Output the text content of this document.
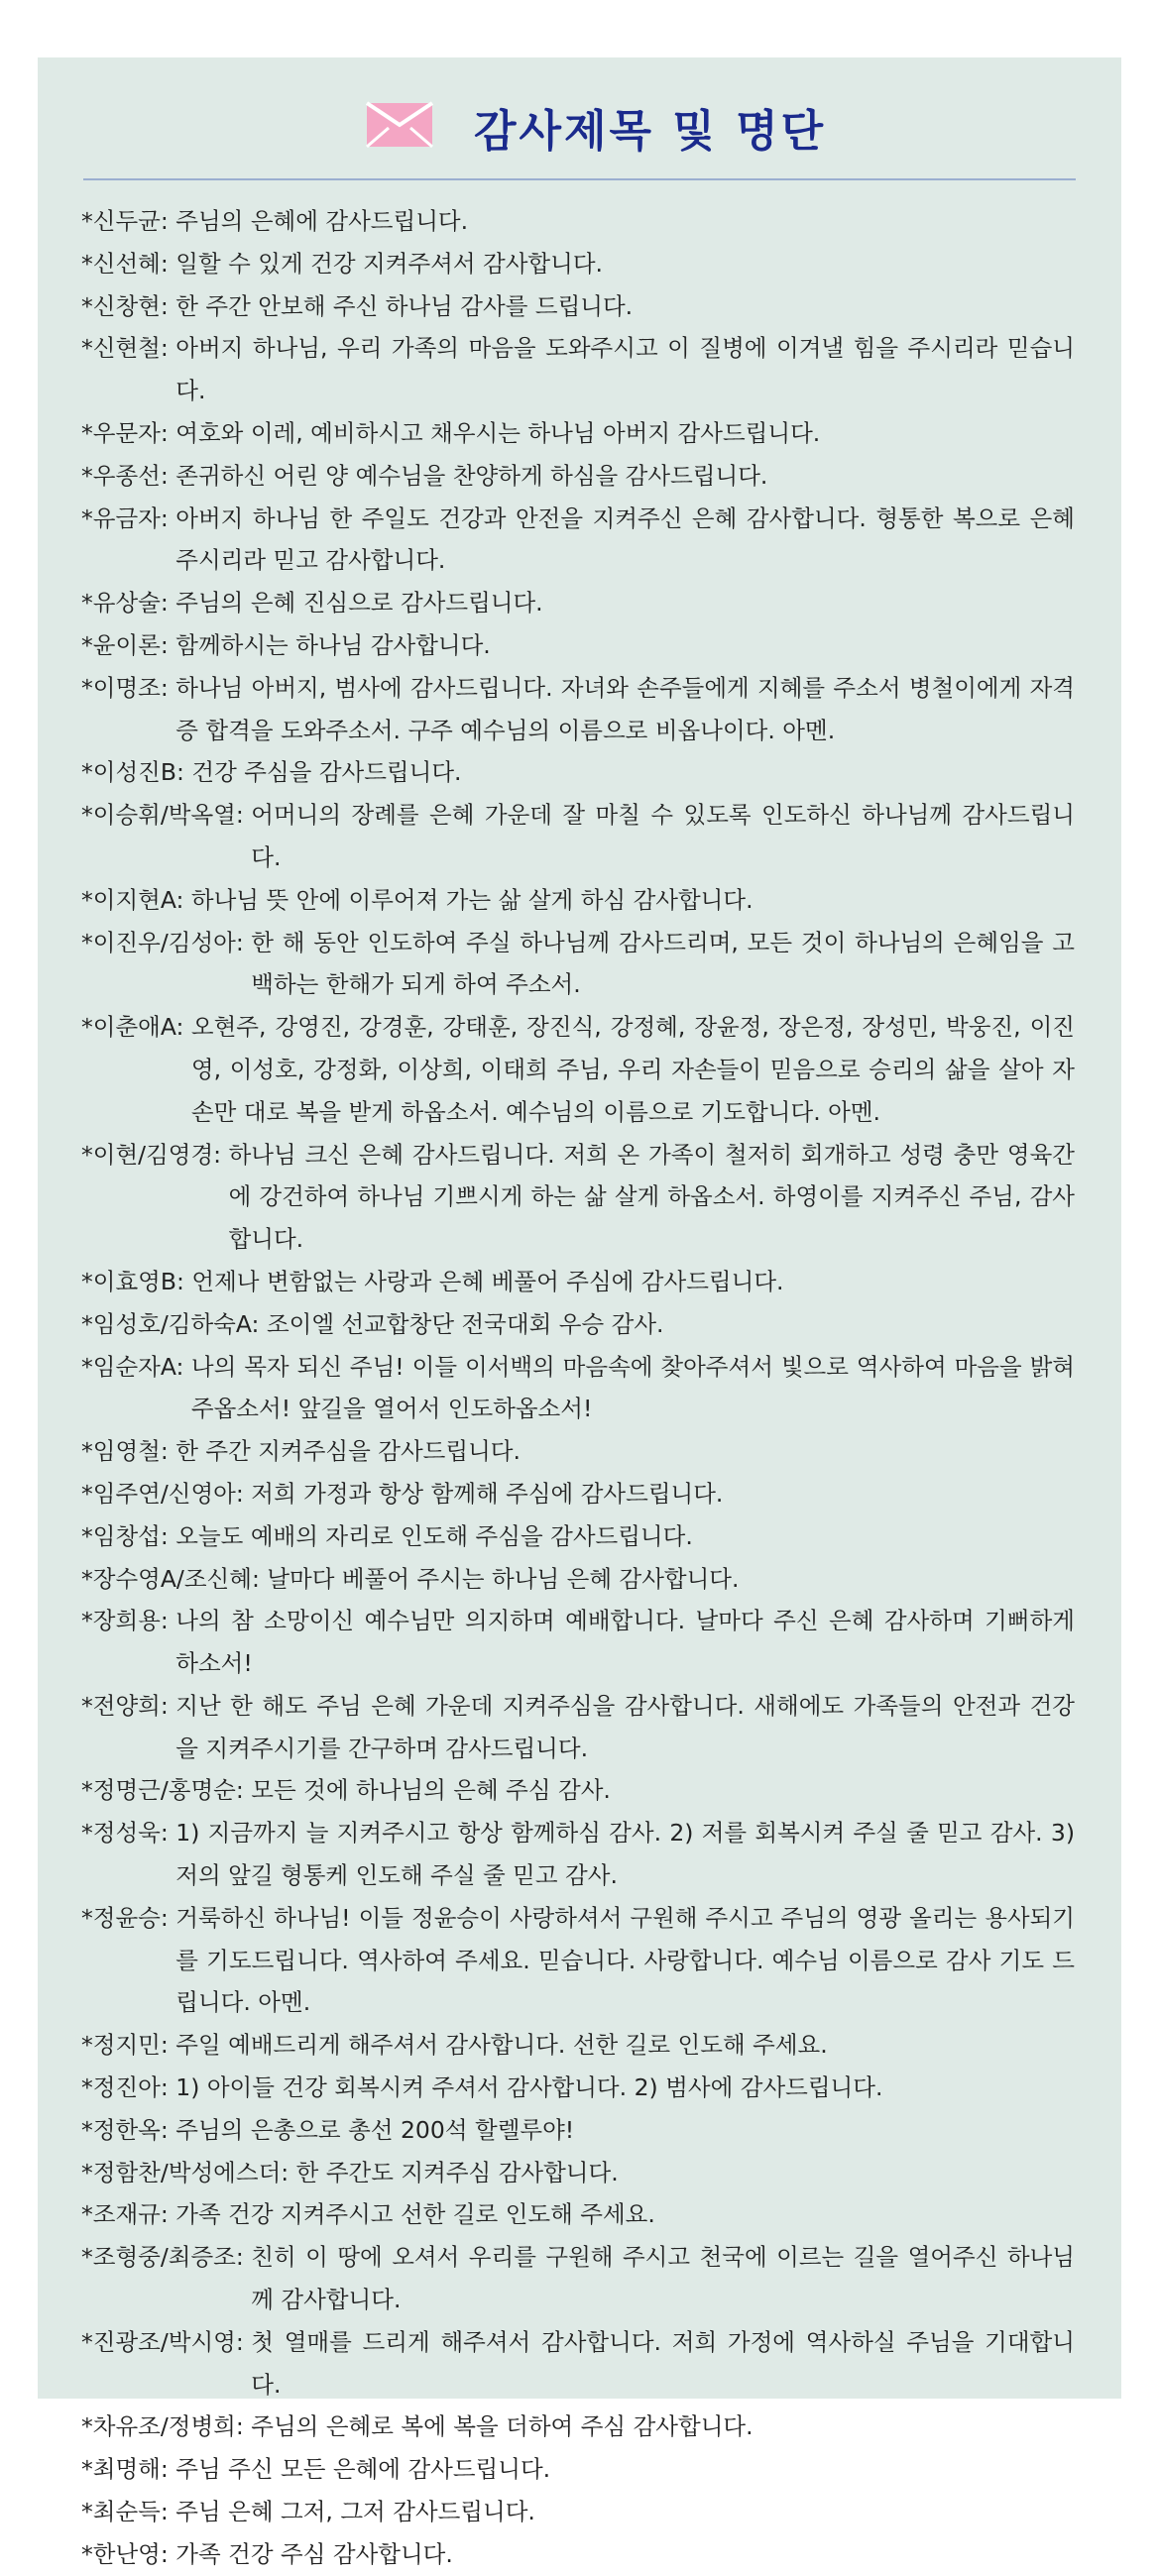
감사제목 및 명단
*신두균: 주님의 은혜에 감사드립니다.
*신선혜: 일할 수 있게 건강 지켜주셔서 감사합니다.
*신창현: 한 주간 안보해 주신 하나님 감사를 드립니다.
*신현철: 아버지 하나님, 우리 가족의 마음을 도와주시고 이 질병에 이겨낼 힘을 주시리라 믿습니다.
*우문자: 여호와 이레, 예비하시고 채우시는 하나님 아버지 감사드립니다.
*우종선: 존귀하신 어린 양 예수님을 찬양하게 하심을 감사드립니다.
*유금자: 아버지 하나님 한 주일도 건강과 안전을 지켜주신 은혜 감사합니다. 형통한 복으로 은혜 주시리라 믿고 감사합니다.
*유상술: 주님의 은혜 진심으로 감사드립니다.
*윤이론: 함께하시는 하나님 감사합니다.
*이명조: 하나님 아버지, 범사에 감사드립니다. 자녀와 손주들에게 지혜를 주소서 병철이에게 자격증 합격을 도와주소서. 구주 예수님의 이름으로 비옵나이다. 아멘.
*이성진B: 건강 주심을 감사드립니다.
*이승휘/박옥열: 어머니의 장례를 은혜 가운데 잘 마칠 수 있도록 인도하신 하나님께 감사드립니다.
*이지현A: 하나님 뜻 안에 이루어져 가는 삶 살게 하심 감사합니다.
*이진우/김성아: 한 해 동안 인도하여 주실 하나님께 감사드리며, 모든 것이 하나님의 은혜임을 고백하는 한해가 되게 하여 주소서.
*이춘애A: 오현주, 강영진, 강경훈, 강태훈, 장진식, 강정혜, 장윤정, 장은정, 장성민, 박웅진, 이진영, 이성호, 강정화, 이상희, 이태희 주님, 우리 자손들이 믿음으로 승리의 삶을 살아 자손만 대로 복을 받게 하옵소서. 예수님의 이름으로 기도합니다. 아멘.
*이현/김영경: 하나님 크신 은혜 감사드립니다. 저희 온 가족이 철저히 회개하고 성령 충만 영육간에 강건하여 하나님 기쁘시게 하는 삶 살게 하옵소서. 하영이를 지켜주신 주님, 감사합니다.
*이효영B: 언제나 변함없는 사랑과 은혜 베풀어 주심에 감사드립니다.
*임성호/김하숙A: 조이엘 선교합창단 전국대회 우승 감사.
*임순자A: 나의 목자 되신 주님! 이들 이서백의 마음속에 찾아주셔서 빛으로 역사하여 마음을 밝혀 주옵소서! 앞길을 열어서 인도하옵소서!
*임영철: 한 주간 지켜주심을 감사드립니다.
*임주연/신영아: 저희 가정과 항상 함께해 주심에 감사드립니다.
*임창섭: 오늘도 예배의 자리로 인도해 주심을 감사드립니다.
*장수영A/조신혜: 날마다 베풀어 주시는 하나님 은혜 감사합니다.
*장희용: 나의 참 소망이신 예수님만 의지하며 예배합니다. 날마다 주신 은혜 감사하며 기뻐하게 하소서!
*전양희: 지난 한 해도 주님 은혜 가운데 지켜주심을 감사합니다. 새해에도 가족들의 안전과 건강을 지켜주시기를 간구하며 감사드립니다.
*정명근/홍명순: 모든 것에 하나님의 은혜 주심 감사.
*정성욱: 1) 지금까지 늘 지켜주시고 항상 함께하심 감사. 2) 저를 회복시켜 주실 줄 믿고 감사. 3) 저의 앞길 형통케 인도해 주실 줄 믿고 감사.
*정윤승: 거룩하신 하나님! 이들 정윤승이 사랑하셔서 구원해 주시고 주님의 영광 올리는 용사되기를 기도드립니다. 역사하여 주세요. 믿습니다. 사랑합니다. 예수님 이름으로 감사 기도 드립니다. 아멘.
*정지민: 주일 예배드리게 해주셔서 감사합니다. 선한 길로 인도해 주세요.
*정진아: 1) 아이들 건강 회복시켜 주셔서 감사합니다. 2) 범사에 감사드립니다.
*정한옥: 주님의 은총으로 총선 200석 할렐루야!
*정함찬/박성에스더: 한 주간도 지켜주심 감사합니다.
*조재규: 가족 건강 지켜주시고 선한 길로 인도해 주세요.
*조형중/최증조: 친히 이 땅에 오셔서 우리를 구원해 주시고 천국에 이르는 길을 열어주신 하나님께 감사합니다.
*진광조/박시영: 첫 열매를 드리게 해주셔서 감사합니다. 저희 가정에 역사하실 주님을 기대합니다.
*차유조/정병희: 주님의 은혜로 복에 복을 더하여 주심 감사합니다.
*최명해: 주님 주신 모든 은혜에 감사드립니다.
*최순득: 주님 은혜 그저, 그저 감사드립니다.
*한난영: 가족 건강 주심 감사합니다.
